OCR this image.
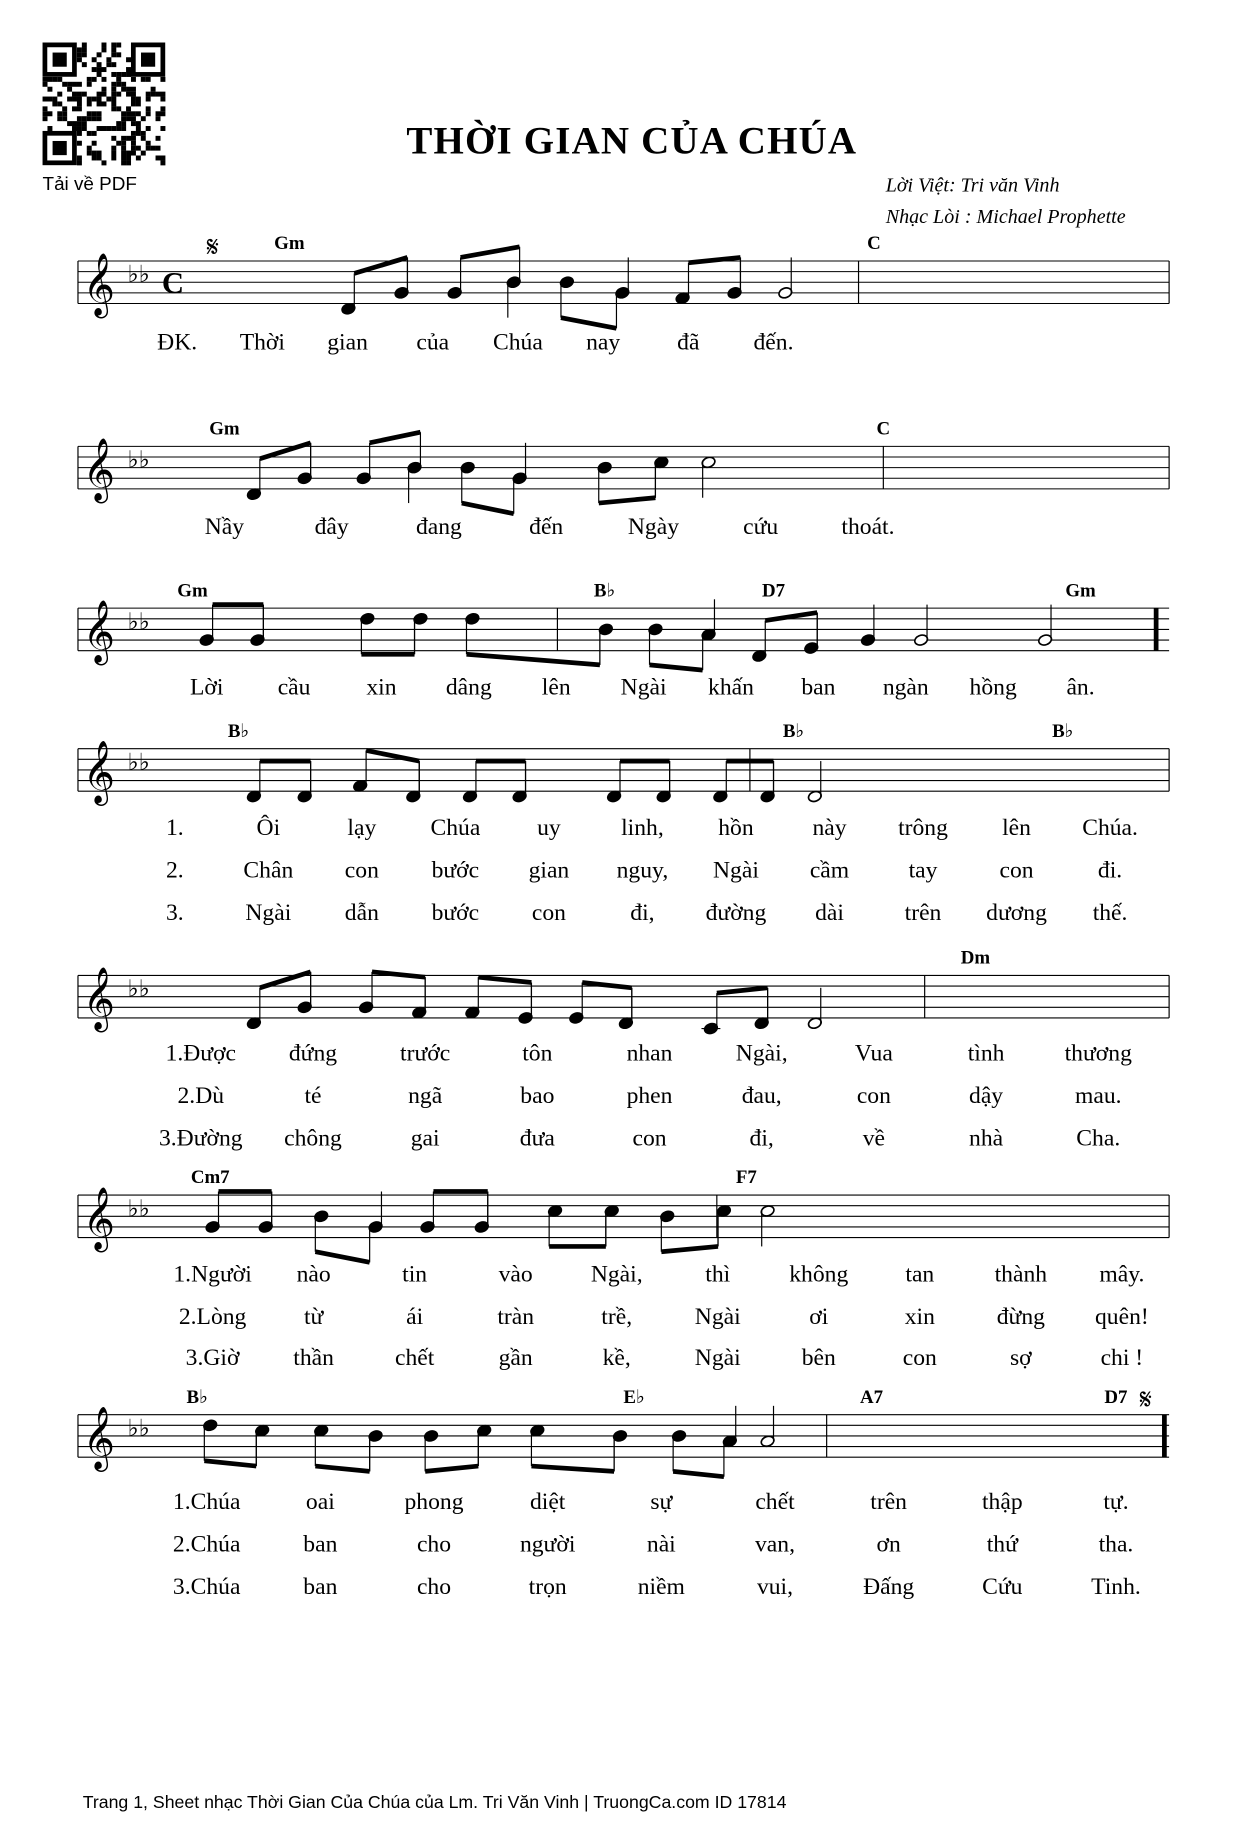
Tải về PDF
THỜI GIAN CỦA CHÚA
Lời Việt: Tri văn Vinh
Nhạc Lòi : Michael Prophette
𝄞 ♭♭ C
𝄋	Gm	C
ĐK. Thời gian của Chúa nay	đã	đến.
𝄞 ♭♭
Gm	C
Nầy	đây	đang	đến	Ngày	cứu	thoát.
𝄞 ♭♭
Gm	B♭	D7	Gm
Lời	cầu	xin dâng	lên	Ngài khấn ban ngàn hồng ân.
𝄞 ♭♭
B♭	B♭	B♭
1.	Ôi	lạy	Chúa	uy	linh,	hồn	này	trông	lên	Chúa.
2.	Chân	con	bước gian nguy, Ngài	cầm	tay	con	đi.
3.	Ngài	dẫn	bước	con	đi,	đường dài	trên dương thế.
𝄞 ♭♭
Dm
1.Được	đứng	trước	tôn	nhan	Ngài,	Vua	tình	thương
2.Dù	té	ngã	bao	phen	đau,	con	dậy	mau.
3.Đường chông	gai	đưa	con	đi,	về	nhà	Cha.
𝄞 ♭♭
Cm7	F7
1.Người nào	tin	vào	Ngài,	thì	không	tan	thành	mây.
2.Lòng	từ	ái	tràn	trề,	Ngài	ơi	xin	đừng	quên!
3.Giờ	thần	chết	gần	kề,	Ngài	bên	con	sợ	chi !
𝄞 ♭♭
𝄋
B♭	E♭	A7	D7
1.Chúa	oai	phong	diệt	sự	chết	trên	thập	tự.
2.Chúa	ban	cho	người	nài	van,	ơn	thứ	tha.
3.Chúa	ban	cho	trọn	niềm	vui,	Đấng	Cứu	Tinh.
Trang 1, Sheet nhạc Thời Gian Của Chúa của Lm. Tri Văn Vinh | TruongCa.com ID 17814
